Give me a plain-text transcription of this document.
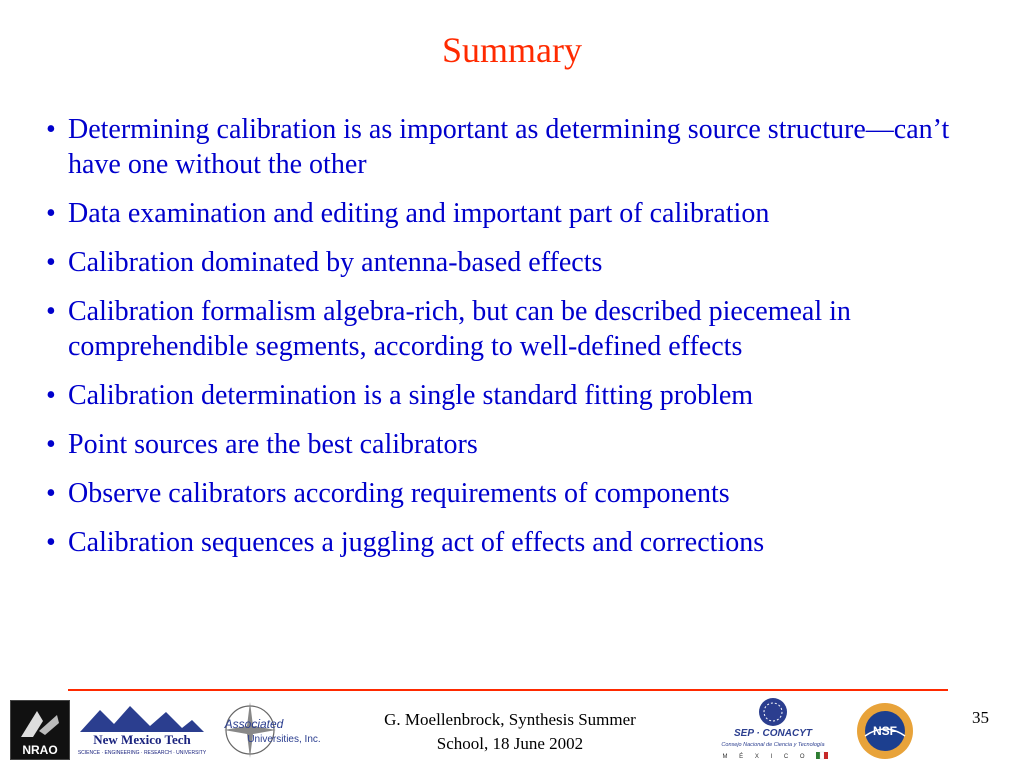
Summary
• Determining calibration is as important as determining source structure—can’t have one without the other
• Data examination and editing and important part of calibration
• Calibration dominated by antenna-based effects
• Calibration formalism algebra-rich, but can be described piecemeal in comprehendible segments, according to well-defined effects
• Calibration determination is a single standard fitting problem
• Point sources are the best calibrators
• Observe calibrators according requirements of components
• Calibration sequences a juggling act of effects and corrections
NRAO
New Mexico Tech
SCIENCE · ENGINEERING · RESEARCH · UNIVERSITY
Associated
Universities, Inc.
G. Moellenbrock, Synthesis Summer
School, 18 June 2002
SEP · CONACYT
Consejo Nacional de Ciencia y Tecnología
M É X I C O
NSF
35
